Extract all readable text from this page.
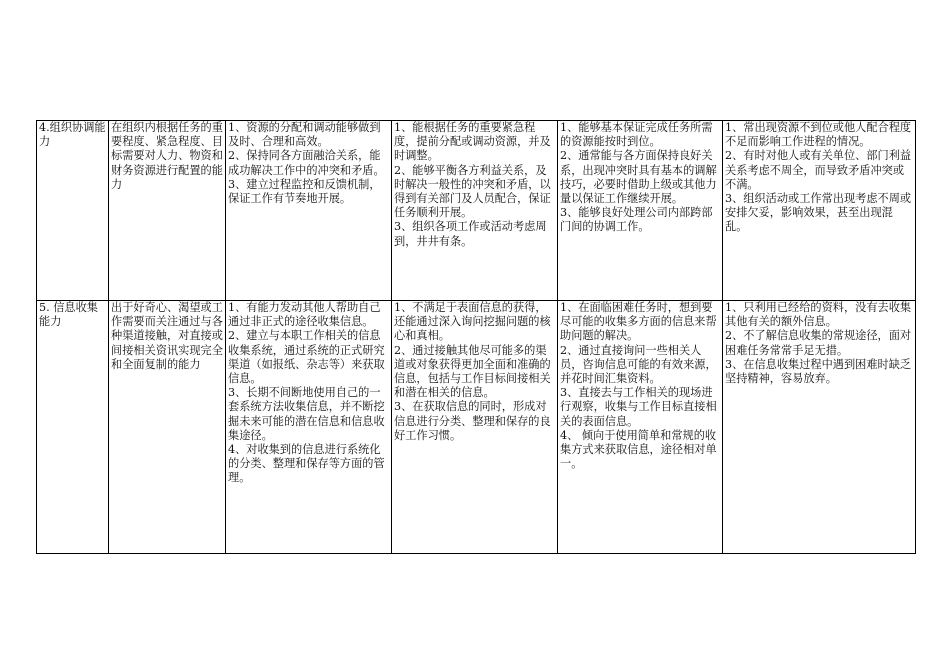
4.组织协调能力	在组织内根据任务的重要程度、紧急程度、目标需要对人力、物资和财务资源进行配置的能力	1、资源的分配和调动能够做到及时、合理和高效。
2、保持同各方面融洽关系，能成功解决工作中的冲突和矛盾。
3、建立过程监控和反馈机制，保证工作有节奏地开展。	1、能根据任务的重要紧急程度，提前分配或调动资源，并及时调整。
2、能够平衡各方利益关系，及时解决一般性的冲突和矛盾，以得到有关部门及人员配合，保证任务顺利开展。
3、组织各项工作或活动考虑周到，井井有条。	1、能够基本保证完成任务所需的资源能按时到位。
2、通常能与各方面保持良好关系，出现冲突时具有基本的调解技巧，必要时借助上级或其他力量以保证工作继续开展。
3、能够良好处理公司内部跨部门间的协调工作。	1、常出现资源不到位或他人配合程度不足而影响工作进程的情况。
2、有时对他人或有关单位、部门利益关系考虑不周全，而导致矛盾冲突或不满。
3、组织活动或工作常出现考虑不周或安排欠妥，影响效果，甚至出现混乱。

5. 信息收集能力	出于好奇心、渴望或工作需要而关注通过与各种渠道接触，对直接或间接相关资讯实现完全和全面复制的能力	1、有能力发动其他人帮助自己通过非正式的途径收集信息。
2、建立与本职工作相关的信息收集系统，通过系统的正式研究渠道（如报纸、杂志等）来获取信息。
3、长期不间断地使用自己的一套系统方法收集信息，并不断挖掘未来可能的潜在信息和信息收集途径。
4、对收集到的信息进行系统化的分类、整理和保存等方面的管理。	1、不满足于表面信息的获得，还能通过深入询问挖掘问题的核心和真相。
2、通过接触其他尽可能多的渠道或对象获得更加全面和准确的信息，包括与工作目标间接相关和潜在相关的信息。
3、在获取信息的同时，形成对信息进行分类、整理和保存的良好工作习惯。	1、在面临困难任务时，想到要尽可能的收集多方面的信息来帮助问题的解决。
2、通过直接询问一些相关人员，咨询信息可能的有效来源，并花时间汇集资料。
3、直接去与工作相关的现场进行观察，收集与工作目标直接相关的表面信息。
4、 倾向于使用简单和常规的收集方式来获取信息，途径相对单一。	1、只利用已经给的资料，没有去收集其他有关的额外信息。
2、不了解信息收集的常规途径，面对困难任务常常手足无措。
3、在信息收集过程中遇到困难时缺乏坚持精神，容易放弃。
